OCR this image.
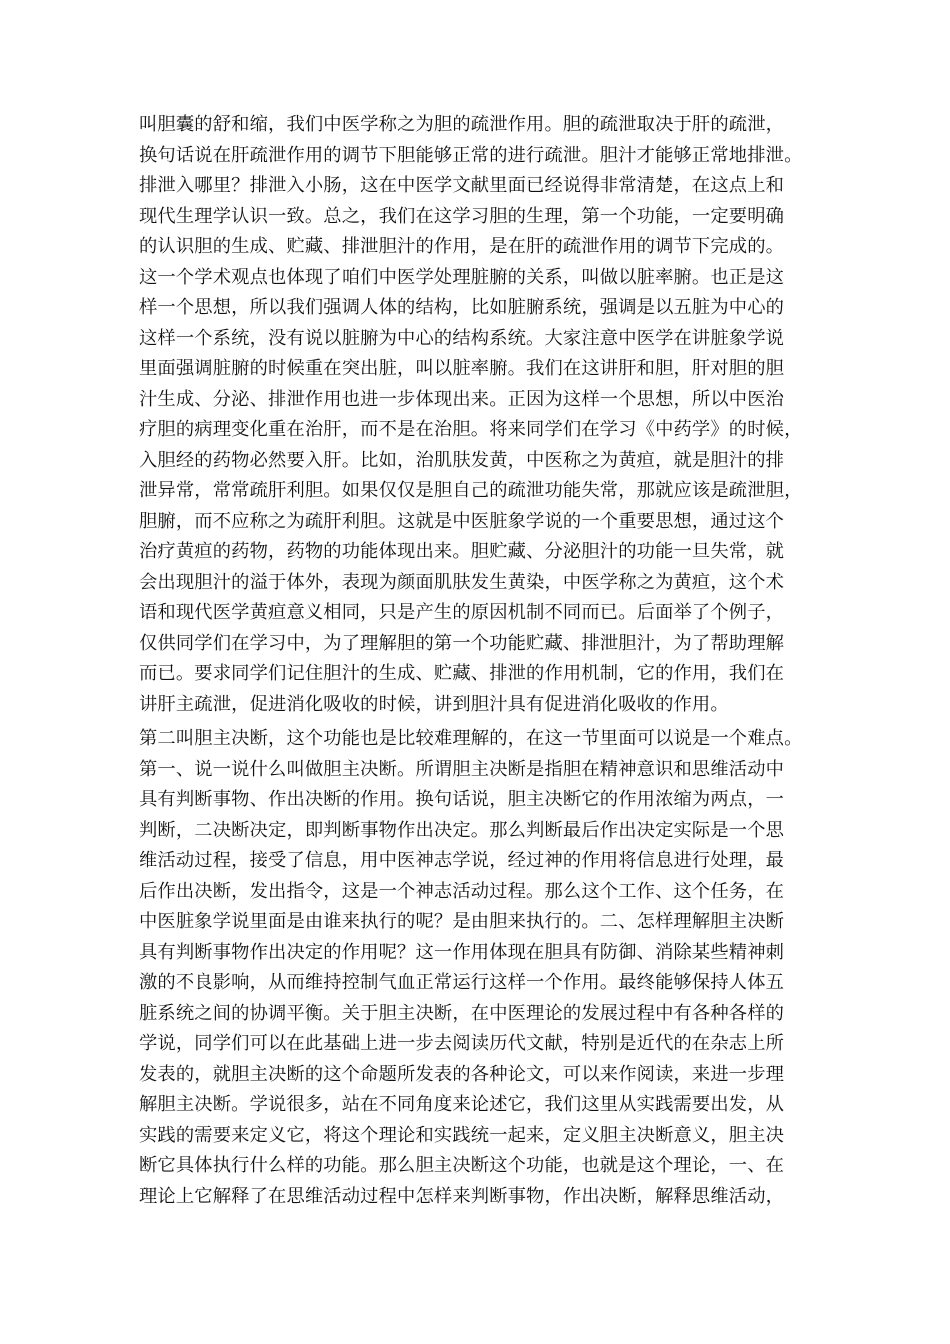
叫胆囊的舒和缩，我们中医学称之为胆的疏泄作用。胆的疏泄取决于肝的疏泄，
换句话说在肝疏泄作用的调节下胆能够正常的进行疏泄。胆汁才能够正常地排泄。
排泄入哪里？排泄入小肠，这在中医学文献里面已经说得非常清楚，在这点上和
现代生理学认识一致。总之，我们在这学习胆的生理，第一个功能，一定要明确
的认识胆的生成、贮藏、排泄胆汁的作用，是在肝的疏泄作用的调节下完成的。
这一个学术观点也体现了咱们中医学处理脏腑的关系，叫做以脏率腑。也正是这
样一个思想，所以我们强调人体的结构，比如脏腑系统，强调是以五脏为中心的
这样一个系统，没有说以脏腑为中心的结构系统。大家注意中医学在讲脏象学说
里面强调脏腑的时候重在突出脏，叫以脏率腑。我们在这讲肝和胆，肝对胆的胆
汁生成、分泌、排泄作用也进一步体现出来。正因为这样一个思想，所以中医治
疗胆的病理变化重在治肝，而不是在治胆。将来同学们在学习《中药学》的时候，
入胆经的药物必然要入肝。比如，治肌肤发黄，中医称之为黄疸，就是胆汁的排
泄异常，常常疏肝利胆。如果仅仅是胆自己的疏泄功能失常，那就应该是疏泄胆，
胆腑，而不应称之为疏肝利胆。这就是中医脏象学说的一个重要思想，通过这个
治疗黄疸的药物，药物的功能体现出来。胆贮藏、分泌胆汁的功能一旦失常，就
会出现胆汁的溢于体外，表现为颜面肌肤发生黄染，中医学称之为黄疸，这个术
语和现代医学黄疸意义相同，只是产生的原因机制不同而已。后面举了个例子，
仅供同学们在学习中，为了理解胆的第一个功能贮藏、排泄胆汁，为了帮助理解
而已。要求同学们记住胆汁的生成、贮藏、排泄的作用机制，它的作用，我们在
讲肝主疏泄，促进消化吸收的时候，讲到胆汁具有促进消化吸收的作用。
第二叫胆主决断，这个功能也是比较难理解的，在这一节里面可以说是一个难点。
第一、说一说什么叫做胆主决断。所谓胆主决断是指胆在精神意识和思维活动中
具有判断事物、作出决断的作用。换句话说，胆主决断它的作用浓缩为两点，一
判断，二决断决定，即判断事物作出决定。那么判断最后作出决定实际是一个思
维活动过程，接受了信息，用中医神志学说，经过神的作用将信息进行处理，最
后作出决断，发出指令，这是一个神志活动过程。那么这个工作、这个任务，在
中医脏象学说里面是由谁来执行的呢？是由胆来执行的。二、怎样理解胆主决断
具有判断事物作出决定的作用呢？这一作用体现在胆具有防御、消除某些精神刺
激的不良影响，从而维持控制气血正常运行这样一个作用。最终能够保持人体五
脏系统之间的协调平衡。关于胆主决断，在中医理论的发展过程中有各种各样的
学说，同学们可以在此基础上进一步去阅读历代文献，特别是近代的在杂志上所
发表的，就胆主决断的这个命题所发表的各种论文，可以来作阅读，来进一步理
解胆主决断。学说很多，站在不同角度来论述它，我们这里从实践需要出发，从
实践的需要来定义它，将这个理论和实践统一起来，定义胆主决断意义，胆主决
断它具体执行什么样的功能。那么胆主决断这个功能，也就是这个理论，一、在
理论上它解释了在思维活动过程中怎样来判断事物，作出决断，解释思维活动，
